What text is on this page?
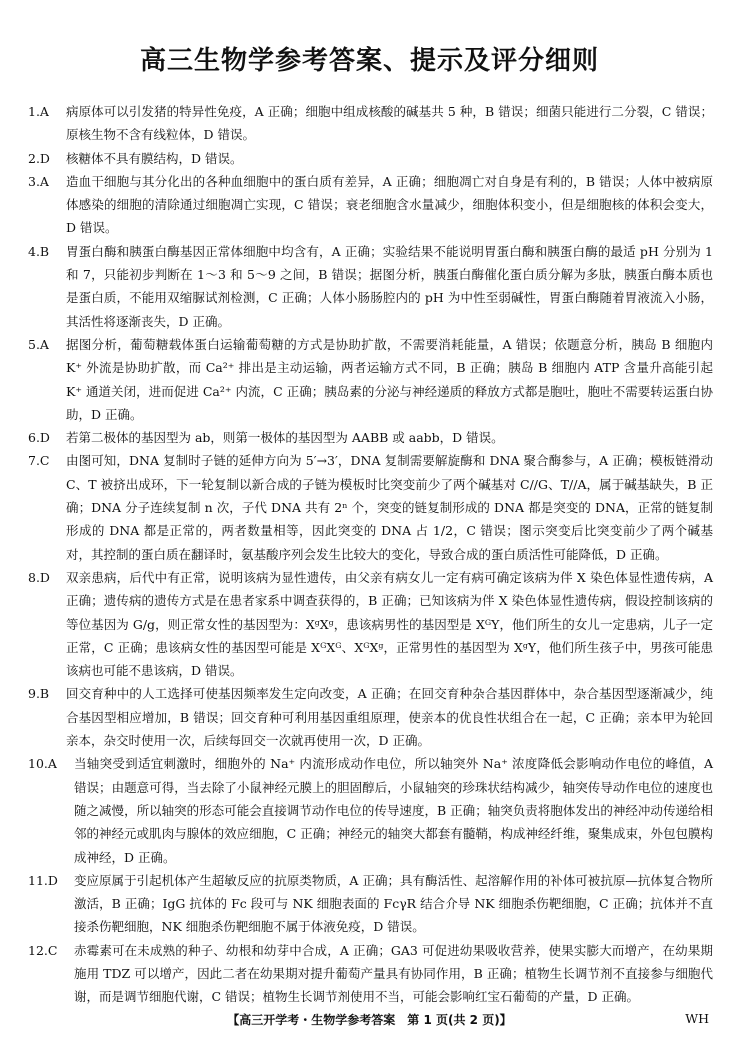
高三生物学参考答案、提示及评分细则
1.A	病原体可以引发猪的特异性免疫，A 正确；细胞中组成核酸的碱基共 5 种，B 错误；细菌只能进行二分裂，C 错误；原核生物不含有线粒体，D 错误。
2.D	核糖体不具有膜结构，D 错误。
3.A	造血干细胞与其分化出的各种血细胞中的蛋白质有差异，A 正确；细胞凋亡对自身是有利的，B 错误；人体中被病原体感染的细胞的清除通过细胞凋亡实现，C 错误；衰老细胞含水量减少，细胞体积变小，但是细胞核的体积会变大，D 错误。
4.B	胃蛋白酶和胰蛋白酶基因正常体细胞中均含有，A 正确；实验结果不能说明胃蛋白酶和胰蛋白酶的最适 pH 分别为 1 和 7，只能初步判断在 1～3 和 5～9 之间，B 错误；据图分析，胰蛋白酶催化蛋白质分解为多肽，胰蛋白酶本质也是蛋白质，不能用双缩脲试剂检测，C 正确；人体小肠肠腔内的 pH 为中性至弱碱性，胃蛋白酶随着胃液流入小肠，其活性将逐渐丧失，D 正确。
5.A	据图分析，葡萄糖载体蛋白运输葡萄糖的方式是协助扩散，不需要消耗能量，A 错误；依题意分析，胰岛 B 细胞内 K⁺ 外流是协助扩散，而 Ca²⁺ 排出是主动运输，两者运输方式不同，B 正确；胰岛 B 细胞内 ATP 含量升高能引起 K⁺ 通道关闭，进而促进 Ca²⁺ 内流，C 正确；胰岛素的分泌与神经递质的释放方式都是胞吐，胞吐不需要转运蛋白协助，D 正确。
6.D	若第二极体的基因型为 ab，则第一极体的基因型为 AABB 或 aabb，D 错误。
7.C	由图可知，DNA 复制时子链的延伸方向为 5′→3′，DNA 复制需要解旋酶和 DNA 聚合酶参与，A 正确；模板链滑动 C、T 被挤出成环，下一轮复制以新合成的子链为模板时比突变前少了两个碱基对 C//G、T//A，属于碱基缺失，B 正确；DNA 分子连续复制 n 次，子代 DNA 共有 2ⁿ 个，突变的链复制形成的 DNA 都是突变的 DNA，正常的链复制形成的 DNA 都是正常的，两者数量相等，因此突变的 DNA 占 1/2，C 错误；图示突变后比突变前少了两个碱基对，其控制的蛋白质在翻译时，氨基酸序列会发生比较大的变化，导致合成的蛋白质活性可能降低，D 正确。
8.D	双亲患病，后代中有正常，说明该病为显性遗传，由父亲有病女儿一定有病可确定该病为伴 X 染色体显性遗传病，A 正确；遗传病的遗传方式是在患者家系中调查获得的，B 正确；已知该病为伴 X 染色体显性遗传病，假设控制该病的等位基因为 G/g，则正常女性的基因型为：XᵍXᵍ，患该病男性的基因型是 XᴳY，他们所生的女儿一定患病，儿子一定正常，C 正确；患该病女性的基因型可能是 XᴳXᴳ、XᴳXᵍ，正常男性的基因型为 XᵍY，他们所生孩子中，男孩可能患该病也可能不患该病，D 错误。
9.B	回交育种中的人工选择可使基因频率发生定向改变，A 正确；在回交育种杂合基因群体中，杂合基因型逐渐减少，纯合基因型相应增加，B 错误；回交育种可利用基因重组原理，使亲本的优良性状组合在一起，C 正确；亲本甲为轮回亲本，杂交时使用一次，后续每回交一次就再使用一次，D 正确。
10.A	当轴突受到适宜刺激时，细胞外的 Na⁺ 内流形成动作电位，所以轴突外 Na⁺ 浓度降低会影响动作电位的峰值，A 错误；由题意可得，当去除了小鼠神经元膜上的胆固醇后，小鼠轴突的珍珠状结构减少，轴突传导动作电位的速度也随之减慢，所以轴突的形态可能会直接调节动作电位的传导速度，B 正确；轴突负责将胞体发出的神经冲动传递给相邻的神经元或肌肉与腺体的效应细胞，C 正确；神经元的轴突大都套有髓鞘，构成神经纤维，聚集成束，外包包膜构成神经，D 正确。
11.D	变应原属于引起机体产生超敏反应的抗原类物质，A 正确；具有酶活性、起溶解作用的补体可被抗原—抗体复合物所激活，B 正确；IgG 抗体的 Fc 段可与 NK 细胞表面的 FcγR 结合介导 NK 细胞杀伤靶细胞，C 正确；抗体并不直接杀伤靶细胞，NK 细胞杀伤靶细胞不属于体液免疫，D 错误。
12.C	赤霉素可在未成熟的种子、幼根和幼芽中合成，A 正确；GA3 可促进幼果吸收营养，使果实膨大而增产，在幼果期施用 TDZ 可以增产，因此二者在幼果期对提升葡萄产量具有协同作用，B 正确；植物生长调节剂不直接参与细胞代谢，而是调节细胞代谢，C 错误；植物生长调节剂使用不当，可能会影响红宝石葡萄的产量，D 正确。
【高三开学考・生物学参考答案　第 1 页(共 2 页)】	WH
